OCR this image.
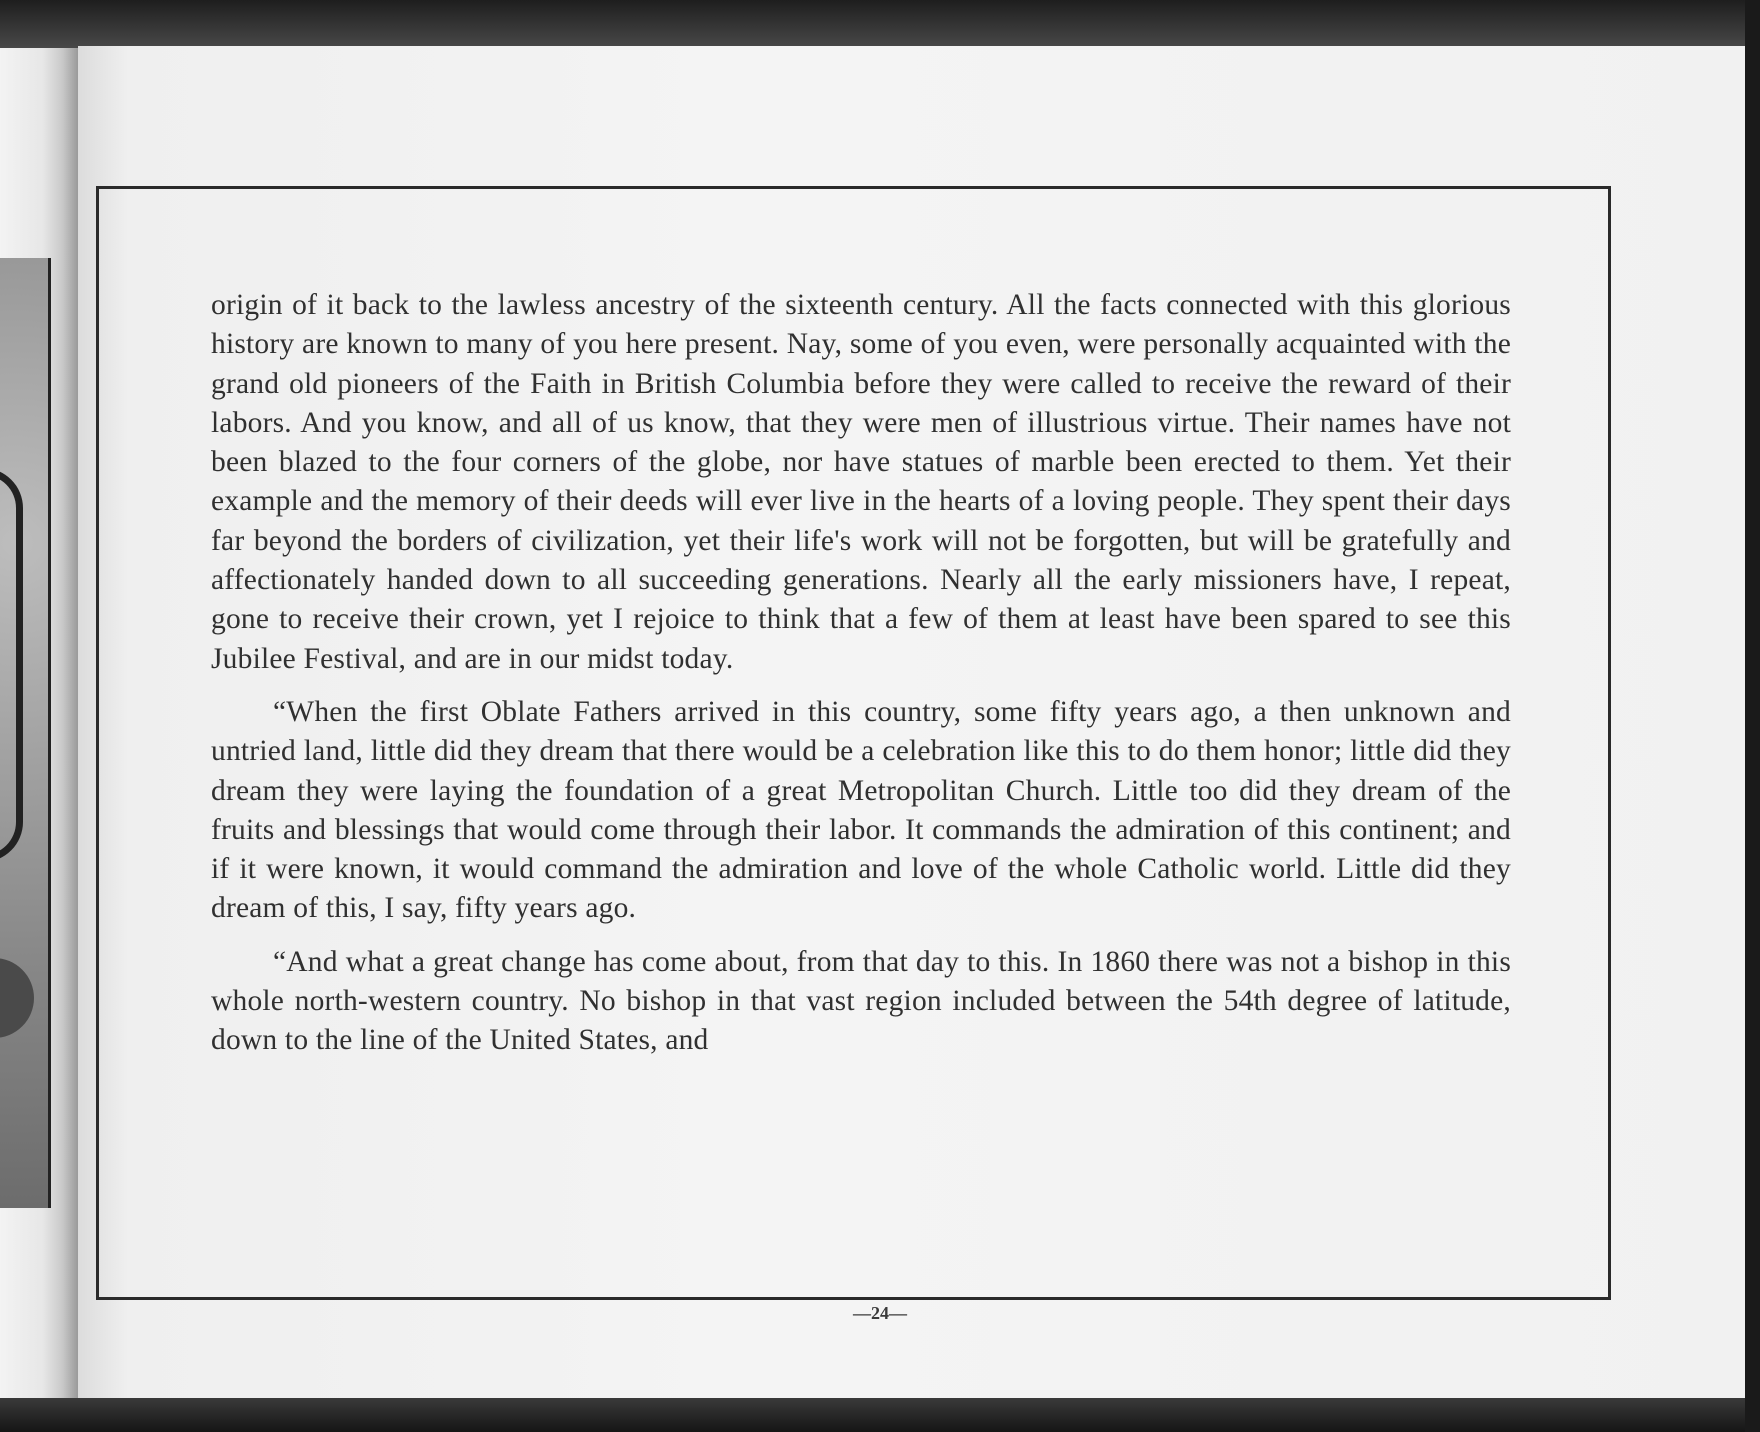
origin of it back to the lawless ancestry of the sixteenth century. All the facts connected with this glorious history are known to many of you here present. Nay, some of you even, were personally acquainted with the grand old pioneers of the Faith in British Columbia before they were called to receive the reward of their labors. And you know, and all of us know, that they were men of illustrious virtue. Their names have not been blazed to the four corners of the globe, nor have statues of marble been erected to them. Yet their example and the memory of their deeds will ever live in the hearts of a loving people. They spent their days far beyond the borders of civilization, yet their life's work will not be forgotten, but will be gratefully and affectionately handed down to all succeeding generations. Nearly all the early missioners have, I repeat, gone to receive their crown, yet I rejoice to think that a few of them at least have been spared to see this Jubilee Festival, and are in our midst today.

“When the first Oblate Fathers arrived in this country, some fifty years ago, a then unknown and untried land, little did they dream that there would be a celebration like this to do them honor; little did they dream they were laying the foundation of a great Metropolitan Church. Little too did they dream of the fruits and blessings that would come through their labor. It commands the admiration of this continent; and if it were known, it would command the admiration and love of the whole Catholic world. Little did they dream of this, I say, fifty years ago.

“And what a great change has come about, from that day to this. In 1860 there was not a bishop in this whole north-western country. No bishop in that vast region included between the 54th degree of latitude, down to the line of the United States, and

—24—
